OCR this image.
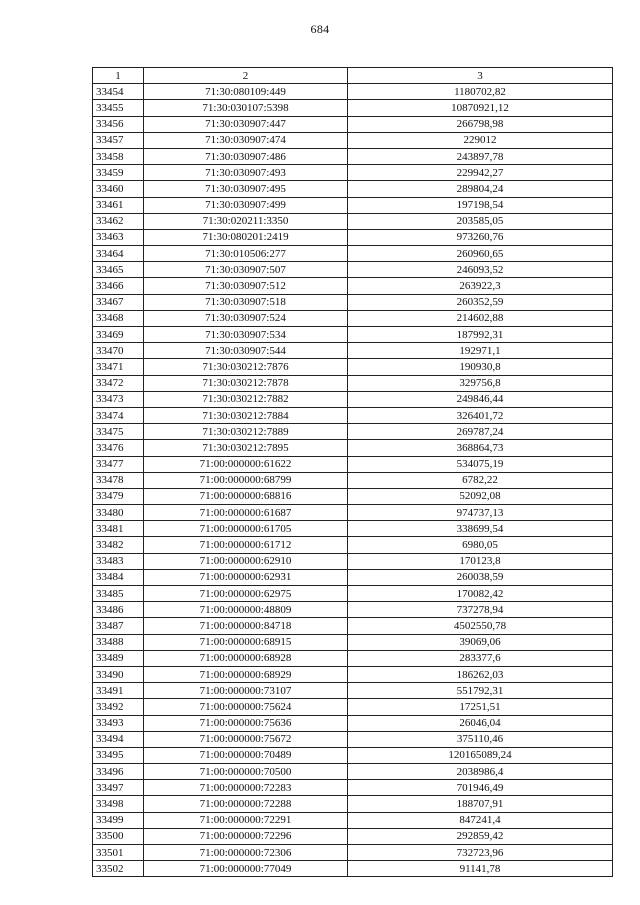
684
1	2	3
33454	71:30:080109:449	1180702,82
33455	71:30:030107:5398	10870921,12
33456	71:30:030907:447	266798,98
33457	71:30:030907:474	229012
33458	71:30:030907:486	243897,78
33459	71:30:030907:493	229942,27
33460	71:30:030907:495	289804,24
33461	71:30:030907:499	197198,54
33462	71:30:020211:3350	203585,05
33463	71:30:080201:2419	973260,76
33464	71:30:010506:277	260960,65
33465	71:30:030907:507	246093,52
33466	71:30:030907:512	263922,3
33467	71:30:030907:518	260352,59
33468	71:30:030907:524	214602,88
33469	71:30:030907:534	187992,31
33470	71:30:030907:544	192971,1
33471	71:30:030212:7876	190930,8
33472	71:30:030212:7878	329756,8
33473	71:30:030212:7882	249846,44
33474	71:30:030212:7884	326401,72
33475	71:30:030212:7889	269787,24
33476	71:30:030212:7895	368864,73
33477	71:00:000000:61622	534075,19
33478	71:00:000000:68799	6782,22
33479	71:00:000000:68816	52092,08
33480	71:00:000000:61687	974737,13
33481	71:00:000000:61705	338699,54
33482	71:00:000000:61712	6980,05
33483	71:00:000000:62910	170123,8
33484	71:00:000000:62931	260038,59
33485	71:00:000000:62975	170082,42
33486	71:00:000000:48809	737278,94
33487	71:00:000000:84718	4502550,78
33488	71:00:000000:68915	39069,06
33489	71:00:000000:68928	283377,6
33490	71:00:000000:68929	186262,03
33491	71:00:000000:73107	551792,31
33492	71:00:000000:75624	17251,51
33493	71:00:000000:75636	26046,04
33494	71:00:000000:75672	375110,46
33495	71:00:000000:70489	120165089,24
33496	71:00:000000:70500	2038986,4
33497	71:00:000000:72283	701946,49
33498	71:00:000000:72288	188707,91
33499	71:00:000000:72291	847241,4
33500	71:00:000000:72296	292859,42
33501	71:00:000000:72306	732723,96
33502	71:00:000000:77049	91141,78
